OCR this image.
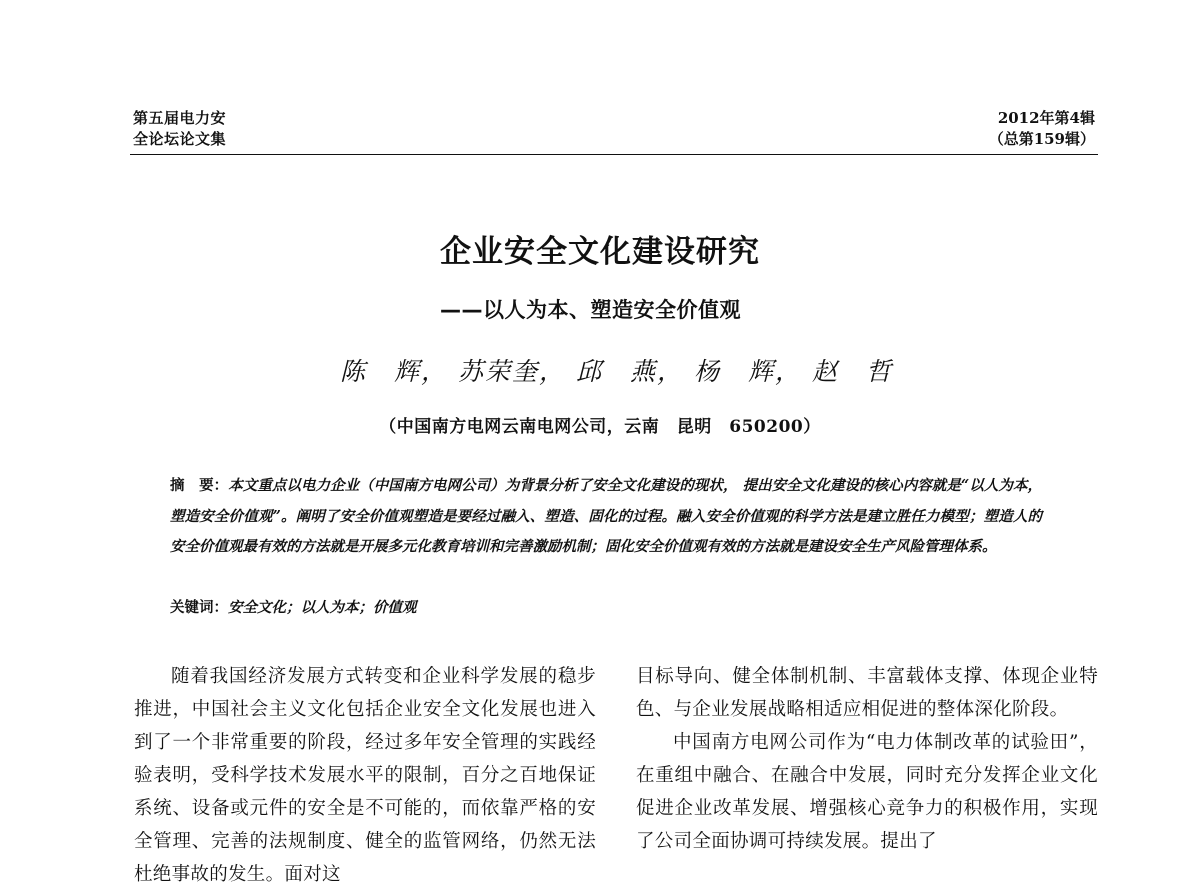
第五届电力安
全论坛论文集
2012年第4辑
（总第159辑）
企业安全文化建设研究
——以人为本、塑造安全价值观
陈　辉， 苏荣奎， 邱　燕， 杨　辉， 赵　哲
（中国南方电网云南电网公司，云南　昆明　650200）
摘　要：本文重点以电力企业（中国南方电网公司）为背景分析了安全文化建设的现状， 提出安全文化建设的核心内容就是“以人为本，塑造安全价值观”。阐明了安全价值观塑造是要经过融入、塑造、固化的过程。融入安全价值观的科学方法是建立胜任力模型；塑造人的安全价值观最有效的方法就是开展多元化教育培训和完善激励机制；固化安全价值观有效的方法就是建设安全生产风险管理体系。
关键词：安全文化；以人为本；价值观

随着我国经济发展方式转变和企业科学发展的稳步推进，中国社会主义文化包括企业安全文化发展也进入到了一个非常重要的阶段，经过多年安全管理的实践经验表明，受科学技术发展水平的限制，百分之百地保证系统、设备或元件的安全是不可能的，而依靠严格的安全管理、完善的法规制度、健全的监管网络，仍然无法杜绝事故的发生。面对这

目标导向、健全体制机制、丰富载体支撑、体现企业特色、与企业发展战略相适应相促进的整体深化阶段。

中国南方电网公司作为“电力体制改革的试验田”，在重组中融合、在融合中发展，同时充分发挥企业文化促进企业改革发展、增强核心竞争力的积极作用，实现了公司全面协调可持续发展。提出了
